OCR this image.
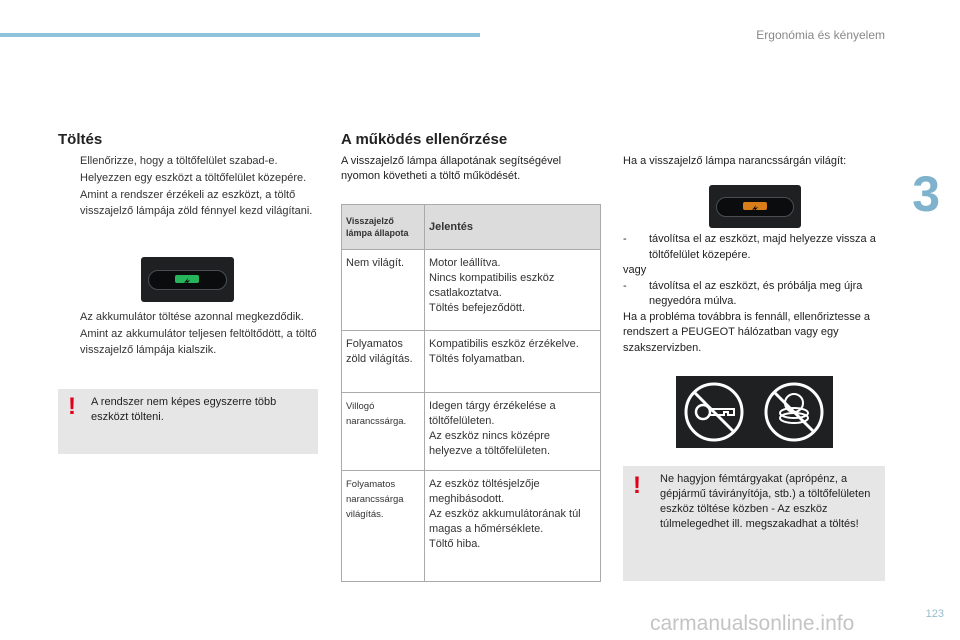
Ergonómia és kényelem
3
123
carmanualsonline.info
Töltés
Ellenőrizze, hogy a töltőfelület szabad-e.
Helyezzen egy eszközt a töltőfelület közepére.
Amint a rendszer érzékeli az eszközt, a töltő visszajelző lámpája zöld fénnyel kezd világítani.
Az akkumulátor töltése azonnal megkezdődik.
Amint az akkumulátor teljesen feltöltődött, a töltő visszajelző lámpája kialszik.
! A rendszer nem képes egyszerre több eszközt tölteni.
A működés ellenőrzése

A visszajelző lámpa állapotának segítségével nyomon követheti a töltő működését.

Visszajelző lámpa állapota	Jelentés
Nem világít.	Motor leállítva.
Nincs kompatibilis eszköz csatlakoztatva.
Töltés befejeződött.
Folyamatos zöld világítás.	Kompatibilis eszköz érzékelve.
Töltés folyamatban.
Villogó narancssárga.	Idegen tárgy érzékelése a töltőfelületen.
Az eszköz nincs középre helyezve a töltőfelületen.
Folyamatos narancssárga világítás.	Az eszköz töltésjelzője meghibásodott.
Az eszköz akkumulátorának túl magas a hőmérséklete.
Töltő hiba.

Ha a visszajelző lámpa narancssárgán világít:

- távolítsa el az eszközt, majd helyezze vissza a töltőfelület közepére.
vagy
- távolítsa el az eszközt, és próbálja meg újra negyedóra múlva.
Ha a probléma továbbra is fennáll, ellenőriztesse a rendszert a PEUGEOT hálózatban vagy egy szakszervizben.
! Ne hagyjon fémtárgyakat (aprópénz, a gépjármű távirányítója, stb.) a töltőfelületen eszköz töltése közben - Az eszköz túlmelegedhet ill. megszakadhat a töltés!
